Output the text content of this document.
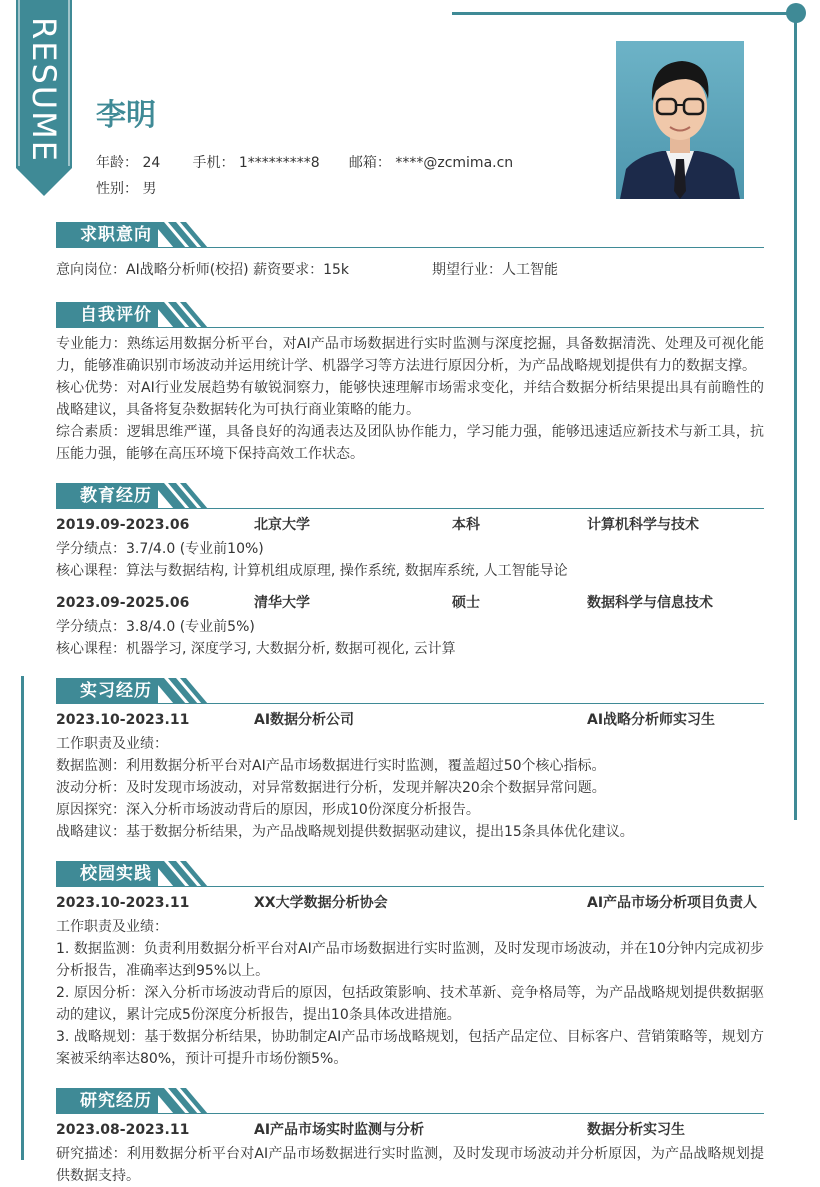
RESUME 李明
年龄： 24 手机： 1*********8 邮箱： ****@zcmima.cn
性别： 男
求职意向
意向岗位：AI战略分析师(校招) 薪资要求：15k	期望行业：人工智能
自我评价
专业能力：熟练运用数据分析平台，对AI产品市场数据进行实时监测与深度挖掘，具备数据清洗、处理及可视化能力，能够准确识别市场波动并运用统计学、机器学习等方法进行原因分析，为产品战略规划提供有力的数据支撑。
核心优势：对AI行业发展趋势有敏锐洞察力，能够快速理解市场需求变化，并结合数据分析结果提出具有前瞻性的战略建议，具备将复杂数据转化为可执行商业策略的能力。
综合素质：逻辑思维严谨，具备良好的沟通表达及团队协作能力，学习能力强，能够迅速适应新技术与新工具，抗压能力强，能够在高压环境下保持高效工作状态。
教育经历
2019.09-2023.06	北京大学	本科	计算机科学与技术
学分绩点：3.7/4.0 (专业前10%)
核心课程：算法与数据结构, 计算机组成原理, 操作系统, 数据库系统, 人工智能导论
2023.09-2025.06	清华大学	硕士	数据科学与信息技术
学分绩点：3.8/4.0 (专业前5%)
核心课程：机器学习, 深度学习, 大数据分析, 数据可视化, 云计算
实习经历
2023.10-2023.11	AI数据分析公司	AI战略分析师实习生
工作职责及业绩：
数据监测：利用数据分析平台对AI产品市场数据进行实时监测，覆盖超过50个核心指标。
波动分析：及时发现市场波动，对异常数据进行分析，发现并解决20余个数据异常问题。
原因探究：深入分析市场波动背后的原因，形成10份深度分析报告。
战略建议：基于数据分析结果，为产品战略规划提供数据驱动建议，提出15条具体优化建议。
校园实践
2023.10-2023.11	XX大学数据分析协会	AI产品市场分析项目负责人
工作职责及业绩：
1. 数据监测：负责利用数据分析平台对AI产品市场数据进行实时监测，及时发现市场波动，并在10分钟内完成初步分析报告，准确率达到95%以上。
2. 原因分析：深入分析市场波动背后的原因，包括政策影响、技术革新、竞争格局等，为产品战略规划提供数据驱动的建议，累计完成5份深度分析报告，提出10条具体改进措施。
3. 战略规划：基于数据分析结果，协助制定AI产品市场战略规划，包括产品定位、目标客户、营销策略等，规划方案被采纳率达80%，预计可提升市场份额5%。
研究经历
2023.08-2023.11	AI产品市场实时监测与分析	数据分析实习生
研究描述：利用数据分析平台对AI产品市场数据进行实时监测，及时发现市场波动并分析原因，为产品战略规划提供数据支持。
